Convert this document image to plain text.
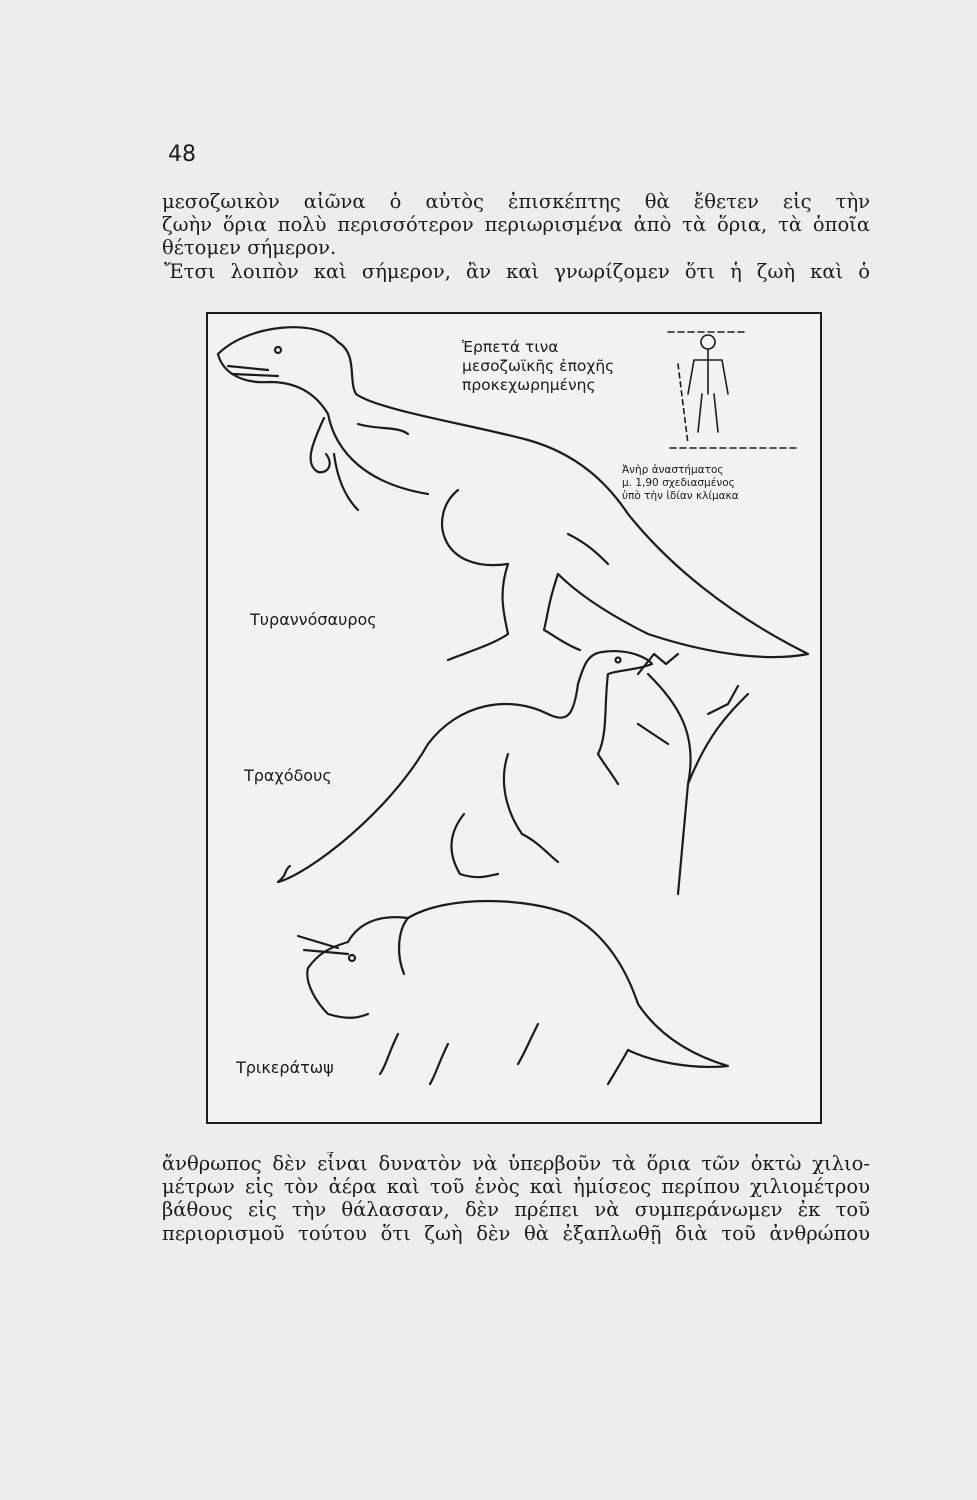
48
μεσοζωικὸν αἰῶνα ὁ αὐτὸς ἐπισκέπτης θὰ ἔθετεν εἰς τὴν
ζωὴν ὅρια πολὺ περισσότερον περιωρισμένα ἀπὸ τὰ ὅρια, τὰ ὁποῖα
θέτομεν σήμερον.
Ἔτσι λοιπὸν καὶ σήμερον, ἂν καὶ γνωρίζομεν ὅτι ἡ ζωὴ καὶ ὁ
Ἑρπετά τινα
μεσοζωϊκῆς ἐποχῆς
προκεχωρημένης
Ἀνὴρ ἀναστήματος
μ. 1,90 σχεδιασμένος
ὑπὸ τὴν ἰδίαν κλίμακα
Τυραννόσαυρος
Τραχόδους
Τρικεράτωψ
ἄνθρωπος δὲν εἶναι δυνατὸν νὰ ὑπερβοῦν τὰ ὅρια τῶν ὀκτὼ χιλιο-
μέτρων εἰς τὸν ἀέρα καὶ τοῦ ἑνὸς καὶ ἡμίσεος περίπου χιλιομέτρου
βάθους εἰς τὴν θάλασσαν, δὲν πρέπει νὰ συμπεράνωμεν ἐκ τοῦ
περιορισμοῦ τούτου ὅτι ζωὴ δὲν θὰ ἐξαπλωθῇ διὰ τοῦ ἀνθρώπου
